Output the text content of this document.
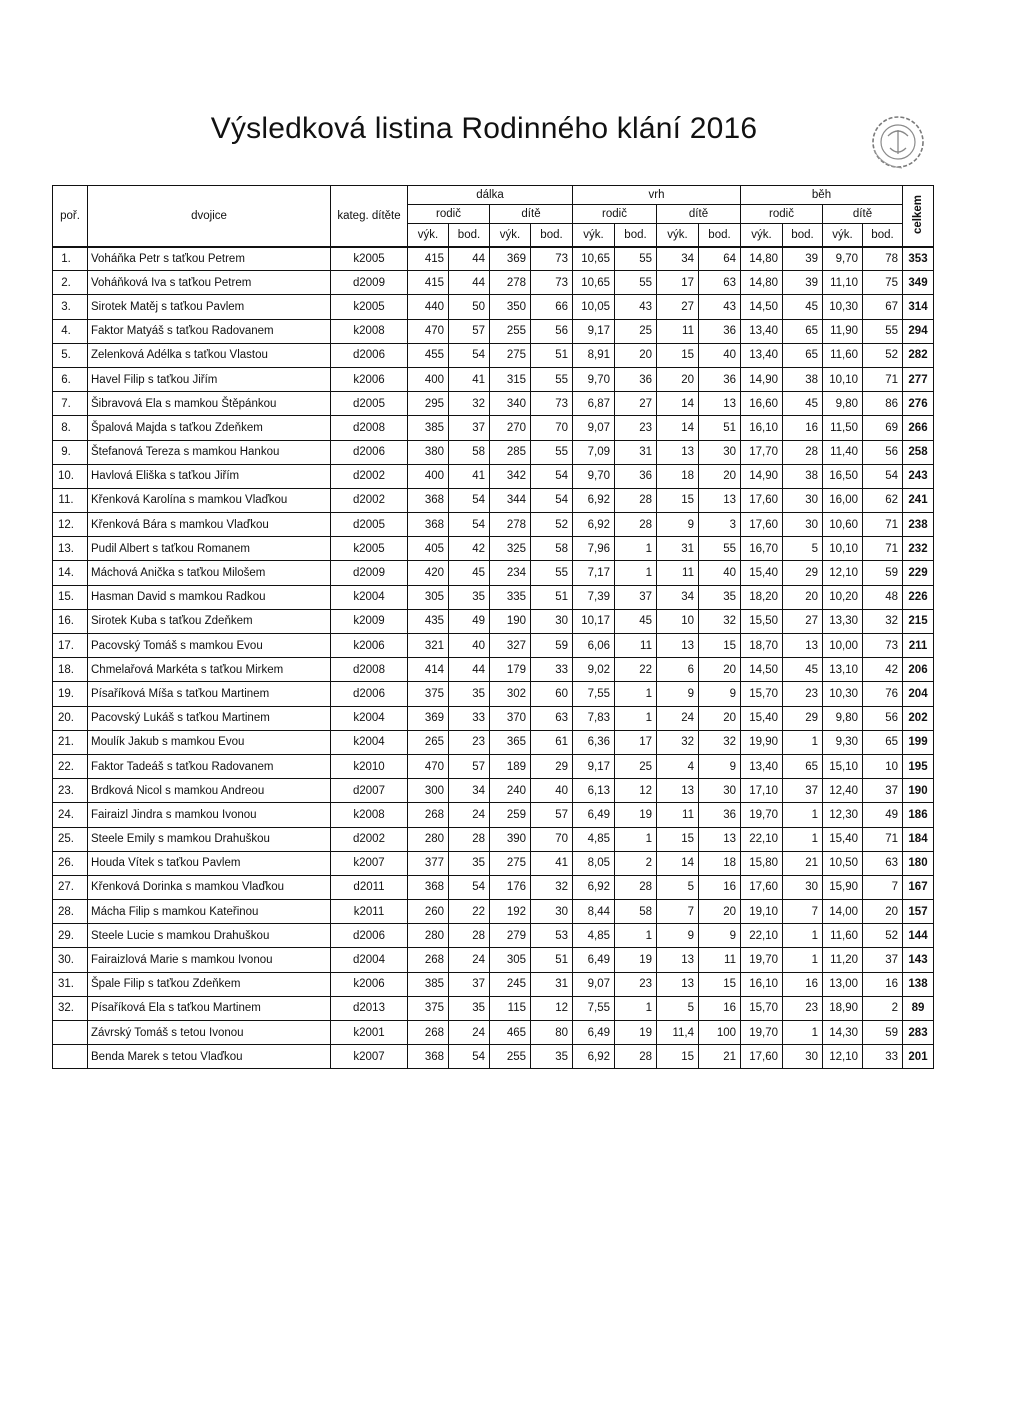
Výsledková listina Rodinného klání 2016
poř.	dvojice	kateg. dítěte	dálka				vrh				běh				celkem
			rodič		dítě		rodič		dítě		rodič		dítě		
			výk.	bod.	výk.	bod.	výk.	bod.	výk.	bod.	výk.	bod.	výk.	bod.	
1.	Voháňka Petr s taťkou Petrem	k2005	415	44	369	73	10,65	55	34	64	14,80	39	9,70	78	353
2.	Voháňková Iva s taťkou Petrem	d2009	415	44	278	73	10,65	55	17	63	14,80	39	11,10	75	349
3.	Sirotek Matěj s taťkou Pavlem	k2005	440	50	350	66	10,05	43	27	43	14,50	45	10,30	67	314
4.	Faktor Matyáš s taťkou Radovanem	k2008	470	57	255	56	9,17	25	11	36	13,40	65	11,90	55	294
5.	Zelenková Adélka s taťkou Vlastou	d2006	455	54	275	51	8,91	20	15	40	13,40	65	11,60	52	282
6.	Havel Filip s taťkou Jiřím	k2006	400	41	315	55	9,70	36	20	36	14,90	38	10,10	71	277
7.	Šibravová Ela s mamkou Štěpánkou	d2005	295	32	340	73	6,87	27	14	13	16,60	45	9,80	86	276
8.	Špalová Majda s taťkou Zdeňkem	d2008	385	37	270	70	9,07	23	14	51	16,10	16	11,50	69	266
9.	Štefanová Tereza s mamkou Hankou	d2006	380	58	285	55	7,09	31	13	30	17,70	28	11,40	56	258
10.	Havlová Eliška s taťkou Jiřím	d2002	400	41	342	54	9,70	36	18	20	14,90	38	16,50	54	243
11.	Křenková Karolína s mamkou Vlaďkou	d2002	368	54	344	54	6,92	28	15	13	17,60	30	16,00	62	241
12.	Křenková Bára s mamkou Vlaďkou	d2005	368	54	278	52	6,92	28	9	3	17,60	30	10,60	71	238
13.	Pudil Albert s taťkou Romanem	k2005	405	42	325	58	7,96	1	31	55	16,70	5	10,10	71	232
14.	Máchová Anička s taťkou Milošem	d2009	420	45	234	55	7,17	1	11	40	15,40	29	12,10	59	229
15.	Hasman David s mamkou Radkou	k2004	305	35	335	51	7,39	37	34	35	18,20	20	10,20	48	226
16.	Sirotek Kuba s taťkou Zdeňkem	k2009	435	49	190	30	10,17	45	10	32	15,50	27	13,30	32	215
17.	Pacovský Tomáš s mamkou Evou	k2006	321	40	327	59	6,06	11	13	15	18,70	13	10,00	73	211
18.	Chmelařová Markéta s taťkou Mirkem	d2008	414	44	179	33	9,02	22	6	20	14,50	45	13,10	42	206
19.	Písaříková Míša s taťkou Martinem	d2006	375	35	302	60	7,55	1	9	9	15,70	23	10,30	76	204
20.	Pacovský Lukáš s taťkou Martinem	k2004	369	33	370	63	7,83	1	24	20	15,40	29	9,80	56	202
21.	Moulík Jakub s mamkou Evou	k2004	265	23	365	61	6,36	17	32	32	19,90	1	9,30	65	199
22.	Faktor Tadeáš s taťkou Radovanem	k2010	470	57	189	29	9,17	25	4	9	13,40	65	15,10	10	195
23.	Brdková Nicol s mamkou Andreou	d2007	300	34	240	40	6,13	12	13	30	17,10	37	12,40	37	190
24.	Fairaizl Jindra s mamkou Ivonou	k2008	268	24	259	57	6,49	19	11	36	19,70	1	12,30	49	186
25.	Steele Emily s mamkou Drahuškou	d2002	280	28	390	70	4,85	1	15	13	22,10	1	15,40	71	184
26.	Houda Vítek s taťkou Pavlem	k2007	377	35	275	41	8,05	2	14	18	15,80	21	10,50	63	180
27.	Křenková Dorinka s mamkou Vlaďkou	d2011	368	54	176	32	6,92	28	5	16	17,60	30	15,90	7	167
28.	Mácha Filip s mamkou Kateřinou	k2011	260	22	192	30	8,44	58	7	20	19,10	7	14,00	20	157
29.	Steele Lucie s mamkou Drahuškou	d2006	280	28	279	53	4,85	1	9	9	22,10	1	11,60	52	144
30.	Fairaizlová Marie s mamkou Ivonou	d2004	268	24	305	51	6,49	19	13	11	19,70	1	11,20	37	143
31.	Špale Filip s taťkou Zdeňkem	k2006	385	37	245	31	9,07	23	13	15	16,10	16	13,00	16	138
32.	Písaříková Ela s taťkou Martinem	d2013	375	35	115	12	7,55	1	5	16	15,70	23	18,90	2	89
	Závrský Tomáš s tetou Ivonou	k2001	268	24	465	80	6,49	19	11,4	100	19,70	1	14,30	59	283
	Benda Marek s tetou Vlaďkou	k2007	368	54	255	35	6,92	28	15	21	17,60	30	12,10	33	201
